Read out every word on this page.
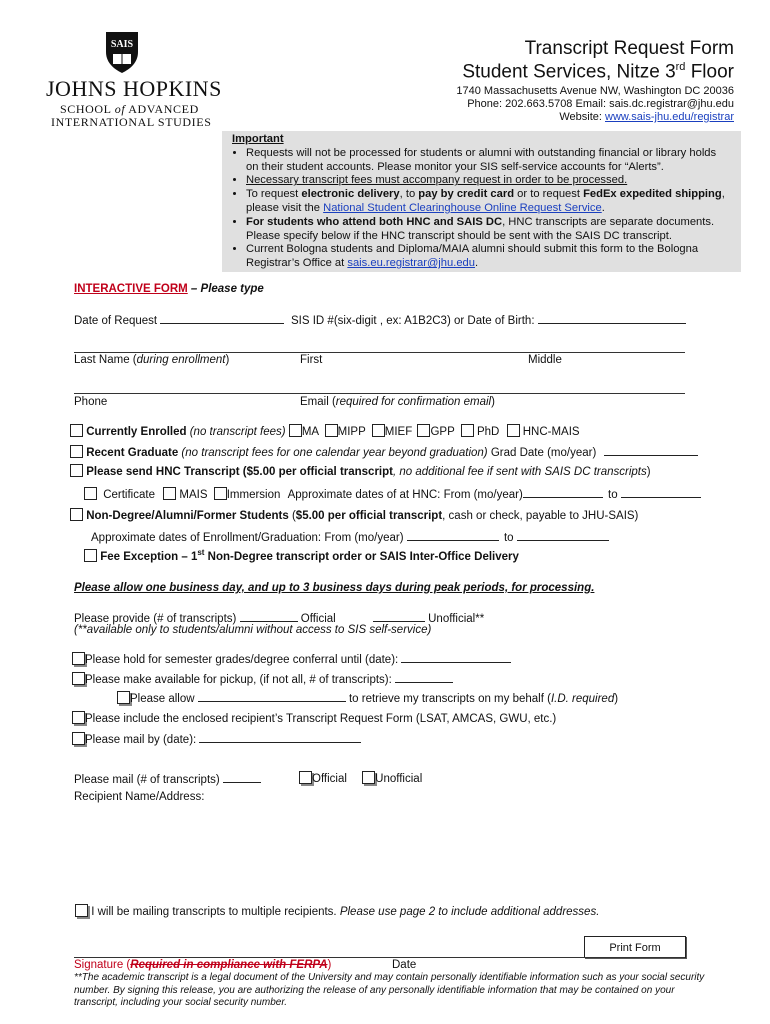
SAIS
JOHNS HOPKINS
SCHOOL of ADVANCED
INTERNATIONAL STUDIES
Transcript Request Form
Student Services, Nitze 3rd Floor
1740 Massachusetts Avenue NW, Washington DC 20036
Phone: 202.663.5708 Email: sais.dc.registrar@jhu.edu
Website: www.sais-jhu.edu/registrar
Important
• Requests will not be processed for students or alumni with outstanding financial or library holds on their student accounts. Please monitor your SIS self-service accounts for “Alerts”.
• Necessary transcript fees must accompany request in order to be processed.
• To request electronic delivery, to pay by credit card or to request FedEx expedited shipping, please visit the National Student Clearinghouse Online Request Service.
• For students who attend both HNC and SAIS DC, HNC transcripts are separate documents. Please specify below if the HNC transcript should be sent with the SAIS DC transcript.
• Current Bologna students and Diploma/MAIA alumni should submit this form to the Bologna Registrar’s Office at sais.eu.registrar@jhu.edu.
INTERACTIVE FORM – Please type
Date of Request	SIS ID #(six-digit , ex: A1B2C3) or Date of Birth:
Last Name (during enrollment)	First	Middle
Phone	Email (required for confirmation email)
Currently Enrolled (no transcript fees) MA MIPP MIEF GPP PhD HNC-MAIS
Recent Graduate (no transcript fees for one calendar year beyond graduation) Grad Date (mo/year)
Please send HNC Transcript ($5.00 per official transcript, no additional fee if sent with SAIS DC transcripts)
Certificate MAIS Immersion Approximate dates of at HNC: From (mo/year)	to
Non-Degree/Alumni/Former Students ($5.00 per official transcript, cash or check, payable to JHU-SAIS)
Approximate dates of Enrollment/Graduation: From (mo/year)	to
Fee Exception – 1st Non-Degree transcript order or SAIS Inter-Office Delivery
Please allow one business day, and up to 3 business days during peak periods, for processing.
Please provide (# of transcripts)	Official	Unofficial**
(**available only to students/alumni without access to SIS self-service)
Please hold for semester grades/degree conferral until (date):
Please make available for pickup, (if not all, # of transcripts):
Please allow	to retrieve my transcripts on my behalf (I.D. required)
Please include the enclosed recipient’s Transcript Request Form (LSAT, AMCAS, GWU, etc.)
Please mail by (date):
Please mail (# of transcripts)	Official Unofficial
Recipient Name/Address:
I will be mailing transcripts to multiple recipients. Please use page 2 to include additional addresses.
Print Form
Signature (Required in compliance with FERPA)	Date
**The academic transcript is a legal document of the University and may contain personally identifiable information such as your social security number. By signing this release, you are authorizing the release of any personally identifiable information that may be contained on your transcript, including your social security number.
